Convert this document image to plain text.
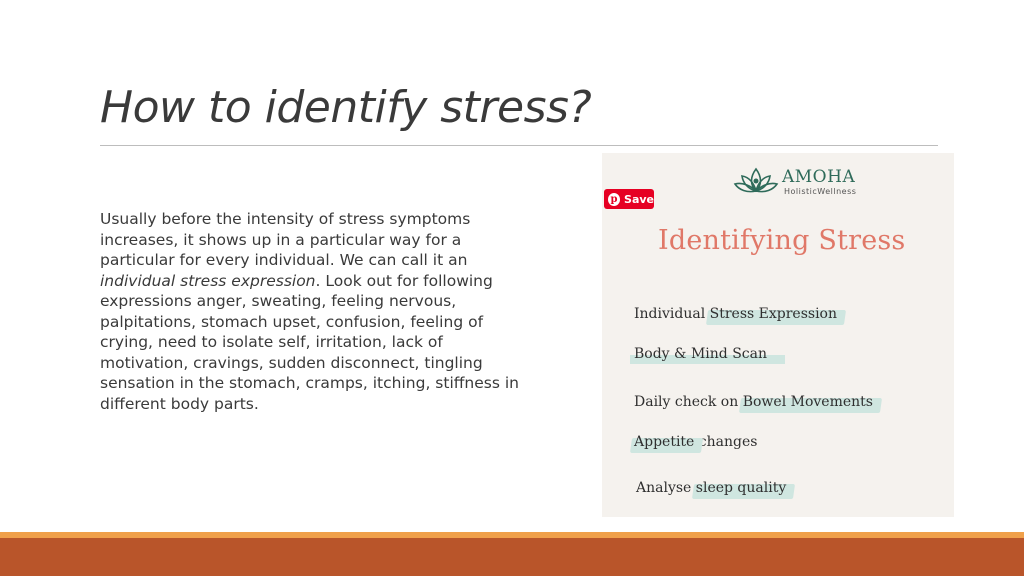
How to identify stress?
Usually before the intensity of stress symptoms increases, it shows up in a particular way for a particular for every individual. We can call it an individual stress expression. Look out for following expressions anger, sweating, feeling nervous, palpitations, stomach upset, confusion, feeling of crying, need to isolate self, irritation, lack of motivation, cravings, sudden disconnect, tingling sensation in the stomach, cramps, itching, stiffness in different body parts.
AMOHA
HolisticWellness
p Save
Identifying Stress
Individual Stress Expression
Body & Mind Scan
Daily check on Bowel Movements
Appetite changes
Analyse sleep quality
